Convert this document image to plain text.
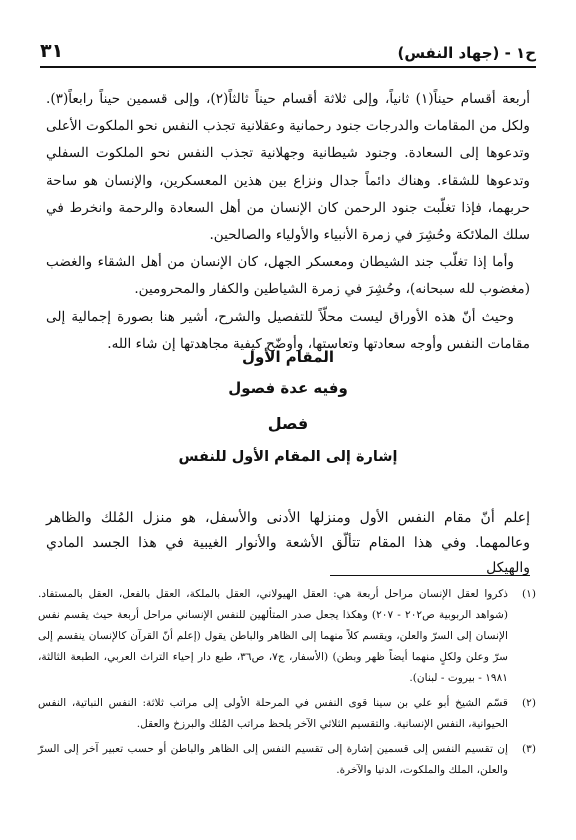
ح١ - (جهاد النفس)
٣١

أربعة أقسام حيناً(١) ثانياً، وإلى ثلاثة أقسام حيناً ثالثاً(٢)، وإلى قسمين حيناً رابعاً(٣). ولكل من المقامات والدرجات جنود رحمانية وعقلانية تجذب النفس نحو الملكوت الأعلى وتدعوها إلى السعادة. وجنود شيطانية وجهلانية تجذب النفس نحو الملكوت السفلي وتدعوها للشقاء. وهناك دائماً جدال ونزاع بين هذين المعسكرين، والإنسان هو ساحة حربهما، فإذا تغلّبت جنود الرحمن كان الإنسان من أهل السعادة والرحمة وانخرط في سلك الملائكة وحُشِرَ في زمرة الأنبياء والأولياء والصالحين.

وأما إذا تغلّب جند الشيطان ومعسكر الجهل، كان الإنسان من أهل الشقاء والغضب (مغضوب لله سبحانه)، وحُشِرَ في زمرة الشياطين والكفار والمحرومين.

وحيث أنّ هذه الأوراق ليست محلّاً للتفصيل والشرح، أشير هنا بصورة إجمالية إلى مقامات النفس وأوجه سعادتها وتعاستها، وأوضّح كيفية مجاهدتها إن شاء الله.

المقام الأول
وفيه عدة فصول
فصل
إشارة إلى المقام الأول للنفس
إعلم أنّ مقام النفس الأول ومنزلها الأدنى والأسفل، هو منزل المُلك والظاهر وعالمهما. وفي هذا المقام تتألّق الأشعة والأنوار الغيبية في هذا الجسد المادي والهيكل
(١)
ذكروا لعقل الإنسان مراحل أربعة هي: العقل الهيولاني، العقل بالملكة، العقل بالفعل، العقل بالمستفاد. (شواهد الربوبية ص٢٠٢ - ٢٠٧) وهكذا يجعل صدر المتألهين للنفس الإنساني مراحل أربعة حيث يقسم نفس الإنسان إلى السرّ والعلن، ويقسم كلاً منهما إلى الظاهر والباطن يقول (إعلم أنّ القرآن كالإنسان ينقسم إلى سرّ وعلن ولكلٍ منهما أيضاً ظهر وبطن) (الأسفار، ج٧، ص٣٦، طبع دار إحياء التراث العربي، الطبعة الثالثة، ١٩٨١ - بيروت - لبنان).
(٢)
قسّم الشيخ أبو علي بن سينا قوى النفس في المرحلة الأولى إلى مراتب ثلاثة: النفس النباتية، النفس الحيوانية، النفس الإنسانية. والتقسيم الثلاثي الآخر يلحظ مراتب المُلك والبرزخ والعقل.
(٣)
إن تقسيم النفس إلى قسمين إشارة إلى تقسيم النفس إلى الظاهر والباطن أو حسب تعبير آخر إلى السرّ والعلن، الملك والملكوت، الدنيا والآخرة.
